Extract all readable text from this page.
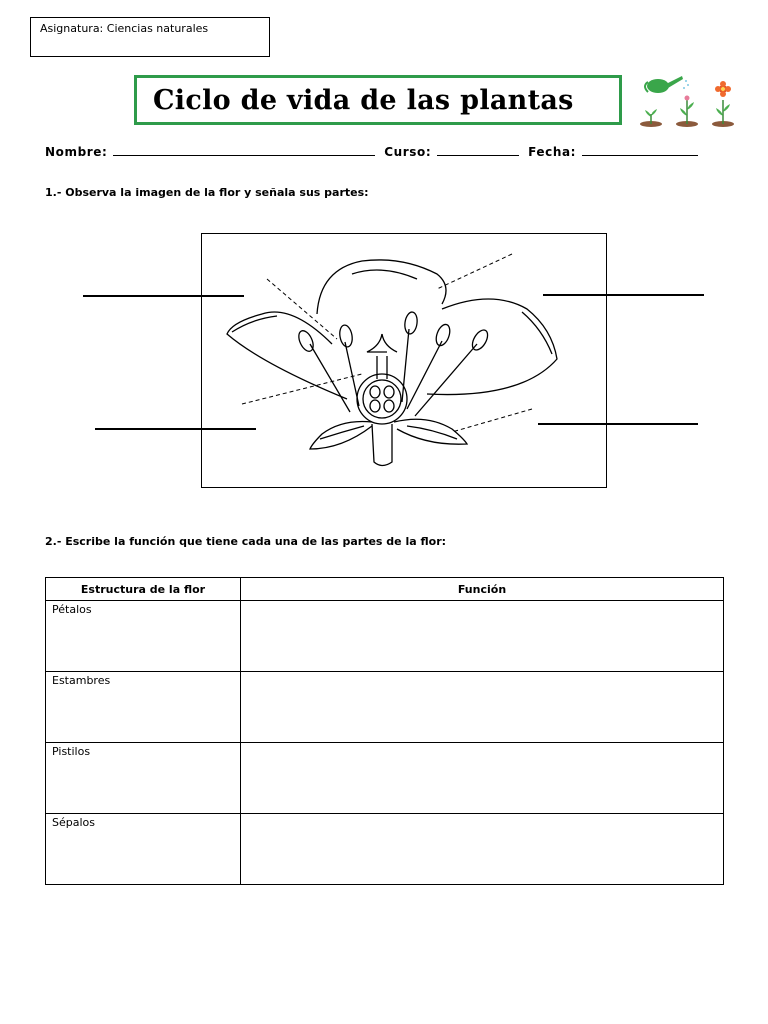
Asignatura: Ciencias naturales
Ciclo de vida de las plantas
Nombre:	Curso:	Fecha:
1.- Observa la imagen de la flor y señala sus partes:
2.- Escribe la función que tiene cada una de las partes de la flor:
Estructura de la flor	Función
Pétalos	
Estambres	
Pistilos	
Sépalos	
